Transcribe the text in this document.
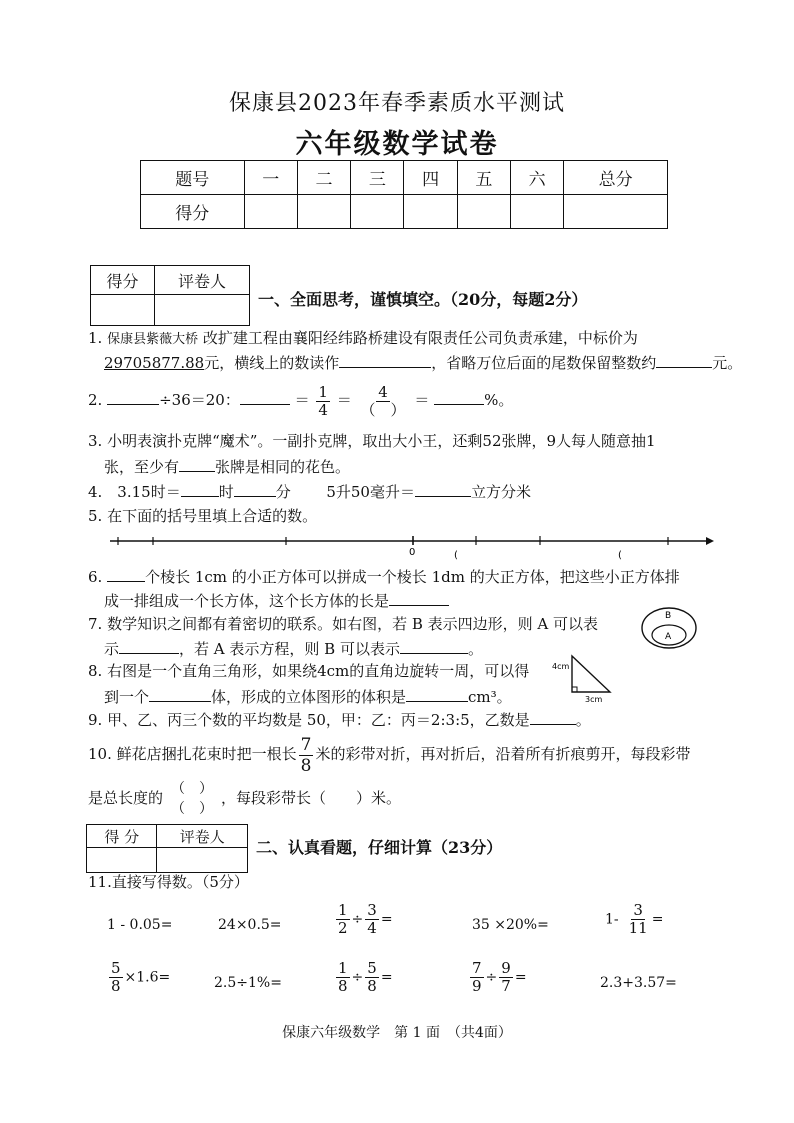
保康县2023年春季素质水平测试
六年级数学试卷
题号	一	二	三	四	五	六	总分
得分							
得分	评卷人

一、全面思考，谨慎填空。（20分，每题2分）
1. 保康县紫薇大桥 改扩建工程由襄阳经纬路桥建设有限责任公司负责承建，中标价为
29705877.88元，横线上的数读作	，省略万位后面的尾数保留整数约	元。
2.	÷36＝20：	＝ $\frac{1}{4} = \frac{4}{( )}$ ＝	%。
3. 小明表演扑克牌“魔术”。一副扑克牌，取出大小王，还剩52张牌，9人每人随意抽1
张，至少有 张牌是相同的花色。
4.　3.15时＝	时	分 5升50毫升＝	立方分米
5. 在下面的括号里填上合适的数。
0	(	(
6.	个棱长 1cm 的小正方体可以拼成一个棱长 1dm 的大正方体，把这些小正方体排
成一排组成一个长方体，这个长方体的长是
7. 数学知识之间都有着密切的联系。如右图，若 B 表示四边形，则 A 可以表
示	，若 A 表示方程，则 B 可以表示	。
B
A
8. 右图是一个直角三角形，如果绕4cm的直角边旋转一周，可以得
到一个	体，形成的立体图形的体积是	cm³。
4cm
3cm
9. 甲、乙、丙三个数的平均数是 50，甲：乙：丙＝2:3:5，乙数是	。
10. 鲜花店捆扎花束时把一根长 $\frac{7}{8}$ 米的彩带对折，再对折后，沿着所有折痕剪开，每段彩带
是总长度的 （　）
（　）
，每段彩带长（　　）米。
得 分	评卷人

二、认真看题，仔细计算（23分）
11.直接写得数。（5分）
1 - 0.05=	24×0.5=	$\frac{1}{2} \div \frac{3}{4}$ =	35 ×20%=	$1- \frac{3}{11}$ =
$\frac{5}{8} \times 1.6=$	2.5÷1%=	$\frac{1}{8} \div \frac{5}{8}$ =	$\frac{7}{9} \div \frac{9}{7}$ =	2.3+3.57=
保康六年级数学　第 1 面　（共4面）
